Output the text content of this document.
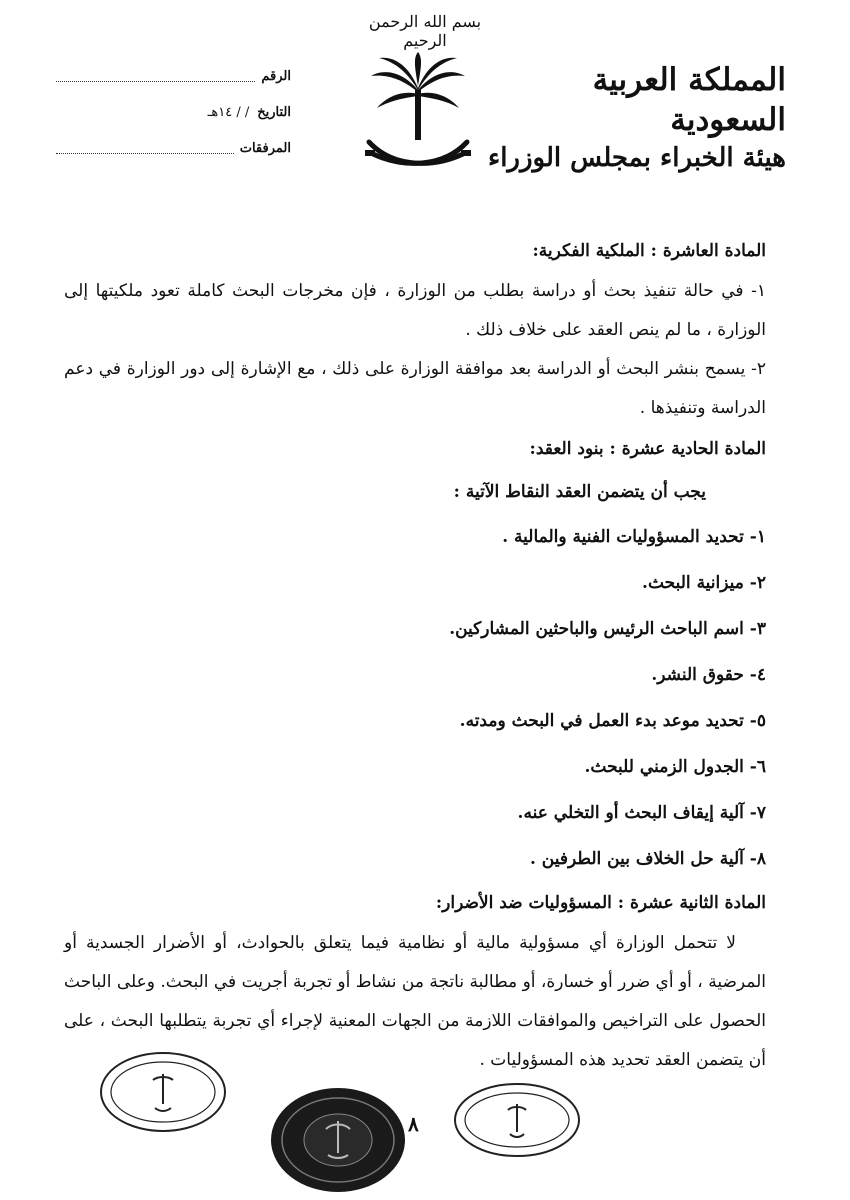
بسم الله الرحمن الرحيم
المملكة العربية السعودية
هيئة الخبراء بمجلس الوزراء
الرقم
التاريخ
/ / ١٤هـ
المرفقات
المادة العاشرة : الملكية الفكرية:

١- في حالة تنفيذ بحث أو دراسة بطلب من الوزارة ، فإن مخرجات البحث كاملة تعود ملكيتها إلى الوزارة ، ما لم ينص العقد على خلاف ذلك .

٢- يسمح بنشر البحث أو الدراسة بعد موافقة الوزارة على ذلك ، مع الإشارة إلى دور الوزارة في دعم الدراسة وتنفيذها .

المادة الحادية عشرة : بنود العقد:
يجب أن يتضمن العقد النقاط الآتية :
١- تحديد المسؤوليات الفنية والمالية .
٢- ميزانية البحث.
٣- اسم الباحث الرئيس والباحثين المشاركين.
٤- حقوق النشر.
٥- تحديد موعد بدء العمل في البحث ومدته.
٦- الجدول الزمني للبحث.
٧- آلية إيقاف البحث أو التخلي عنه.
٨- آلية حل الخلاف بين الطرفين .
المادة الثانية عشرة : المسؤوليات ضد الأضرار:

لا تتحمل الوزارة أي مسؤولية مالية أو نظامية فيما يتعلق بالحوادث، أو الأضرار الجسدية أو المرضية ، أو أي ضرر أو خسارة، أو مطالبة ناتجة من نشاط أو تجربة أجريت في البحث. وعلى الباحث الحصول على التراخيص والموافقات اللازمة من الجهات المعنية لإجراء أي تجربة يتطلبها البحث ، على أن يتضمن العقد تحديد هذه المسؤوليات .

٨
